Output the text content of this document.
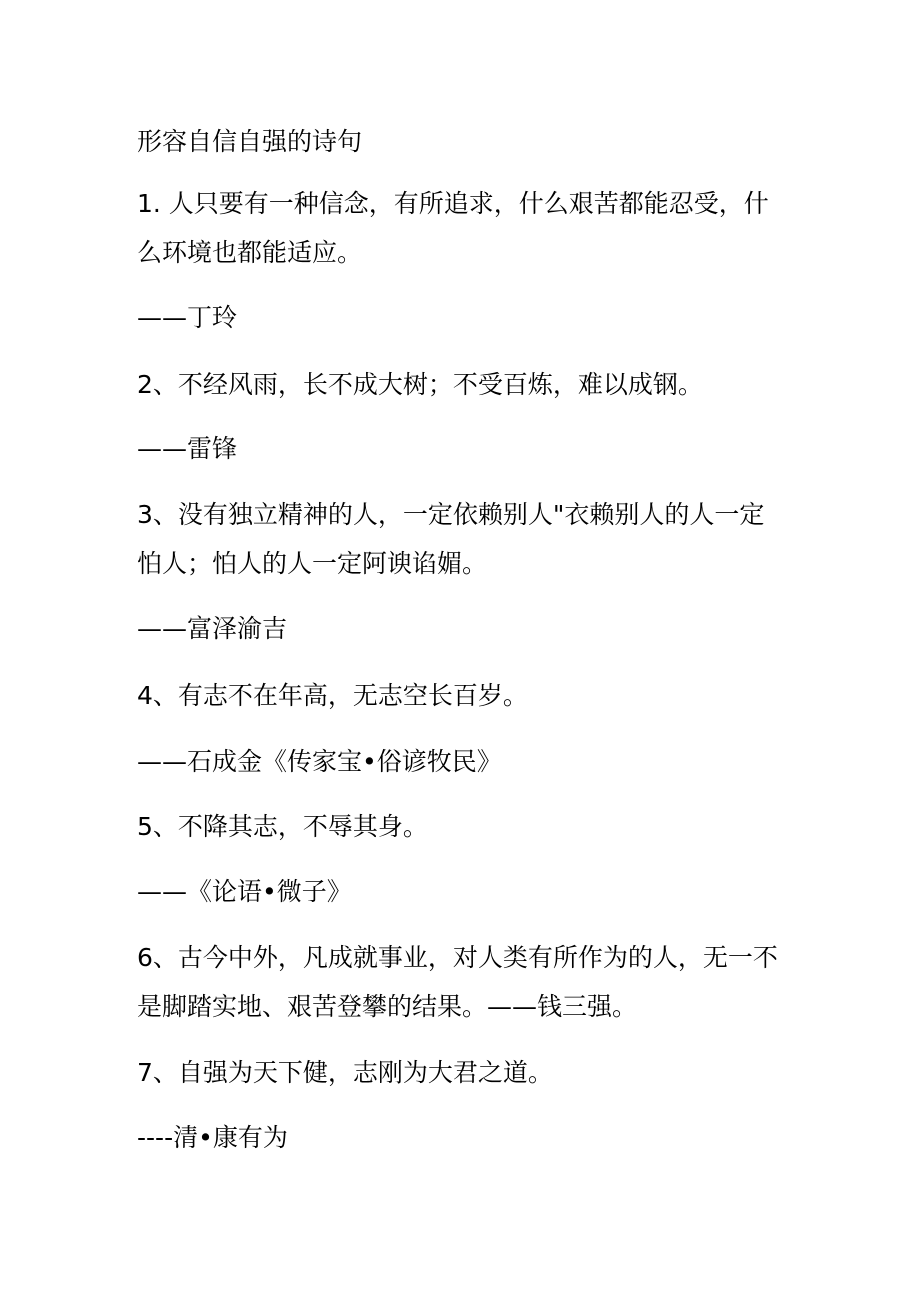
形容自信自强的诗句

1. 人只要有一种信念，有所追求，什么艰苦都能忍受，什

么环境也都能适应。

——丁玲

2、不经风雨，长不成大树；不受百炼，难以成钢。

——雷锋

3、没有独立精神的人，一定依赖别人"衣赖别人的人一定

怕人；怕人的人一定阿谀谄媚。

——富泽渝吉

4、有志不在年高，无志空长百岁。

——石成金《传家宝•俗谚牧民》

5、不降其志，不辱其身。

——《论语•微子》

6、古今中外，凡成就事业，对人类有所作为的人，无一不

是脚踏实地、艰苦登攀的结果。——钱三强。

7、自强为天下健，志刚为大君之道。

----清•康有为
